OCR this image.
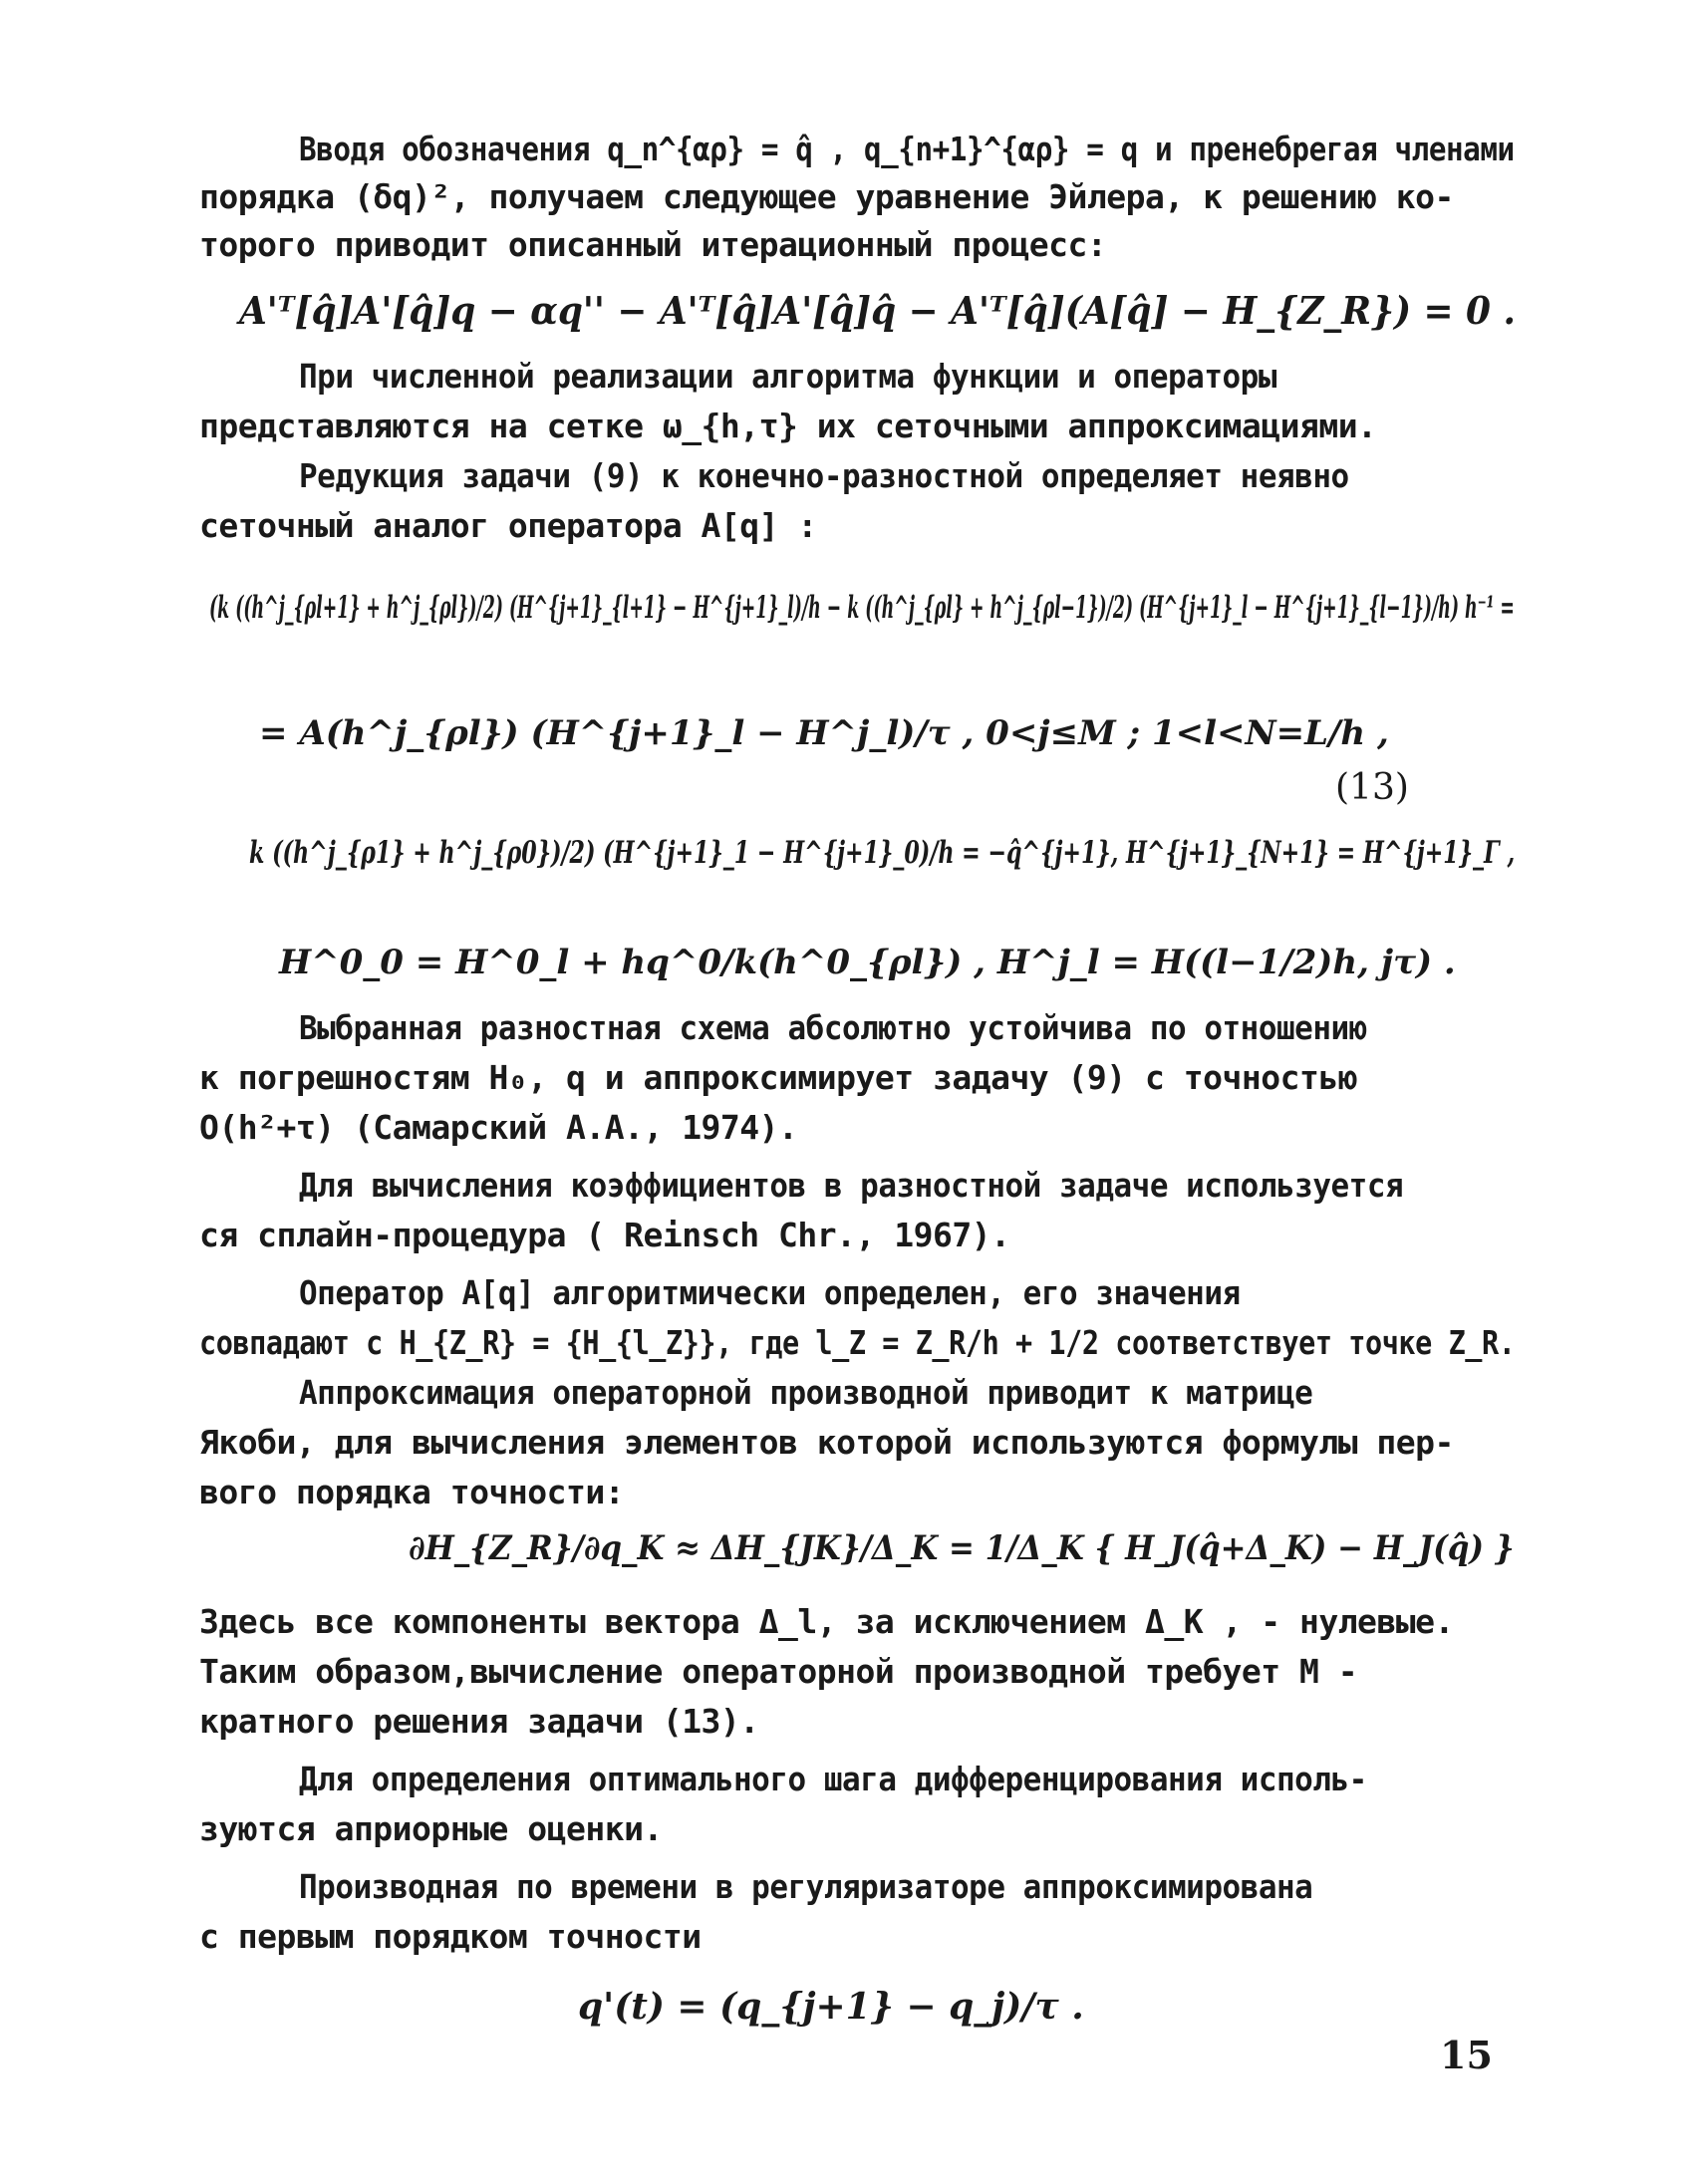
Вводя обозначения q_n^{αρ} = q̂ , q_{n+1}^{αρ} = q и пренебрегая членами
порядка (δq)², получаем следующее уравнение Эйлера, к решению ко-
торого приводит описанный итерационный процесс:
A'ᵀ[q̂]A'[q̂]q − αq'' − A'ᵀ[q̂]A'[q̂]q̂ − A'ᵀ[q̂](A[q̂] − H_{Z_R}) = 0 .
При численной реализации алгоритма функции и операторы
представляются на сетке ω_{h,τ} их сеточными аппроксимациями.
Редукция задачи (9) к конечно-разностной определяет неявно
сеточный аналог оператора A[q] :
(k ((h^j_{ρl+1} + h^j_{ρl})/2) (H^{j+1}_{l+1} − H^{j+1}_l)/h − k ((h^j_{ρl} + h^j_{ρl−1})/2) (H^{j+1}_l − H^{j+1}_{l−1})/h) h⁻¹ =
= A(h^j_{ρl}) (H^{j+1}_l − H^j_l)/τ , 0<j≤M ; 1<l<N=L/h ,
(13)
k ((h^j_{ρ1} + h^j_{ρ0})/2) (H^{j+1}_1 − H^{j+1}_0)/h = −q̂^{j+1}, H^{j+1}_{N+1} = H^{j+1}_Γ ,
H^0_0 = H^0_l + hq^0/k(h^0_{ρl}) , H^j_l = H((l−1/2)h, jτ) .
Выбранная разностная схема абсолютно устойчива по отношению
к погрешностям H₀, q и аппроксимирует задачу (9) с точностью
O(h²+τ) (Самарский А.А., 1974).
Для вычисления коэффициентов в разностной задаче используется
ся сплайн-процедура ( Reinsch Chr., 1967).
Оператор A[q] алгоритмически определен, его значения
совпадают с H_{Z_R} = {H_{l_Z}}, где l_Z = Z_R/h + 1/2 соответствует точке Z_R.
Аппроксимация операторной производной приводит к матрице
Якоби, для вычисления элементов которой используются формулы пер-
вого порядка точности:
∂H_{Z_R}/∂q_K ≈ ΔH_{JK}/Δ_K = 1/Δ_K { H_J(q̂+Δ_K) − H_J(q̂) }
Здесь все компоненты вектора Δ_l, за исключением Δ_K , - нулевые.
Таким образом,вычисление операторной производной требует M -
кратного решения задачи (13).
Для определения оптимального шага дифференцирования исполь-
зуются априорные оценки.
Производная по времени в регуляризаторе аппроксимирована
с первым порядком точности
q'(t) = (q_{j+1} − q_j)/τ .
15
